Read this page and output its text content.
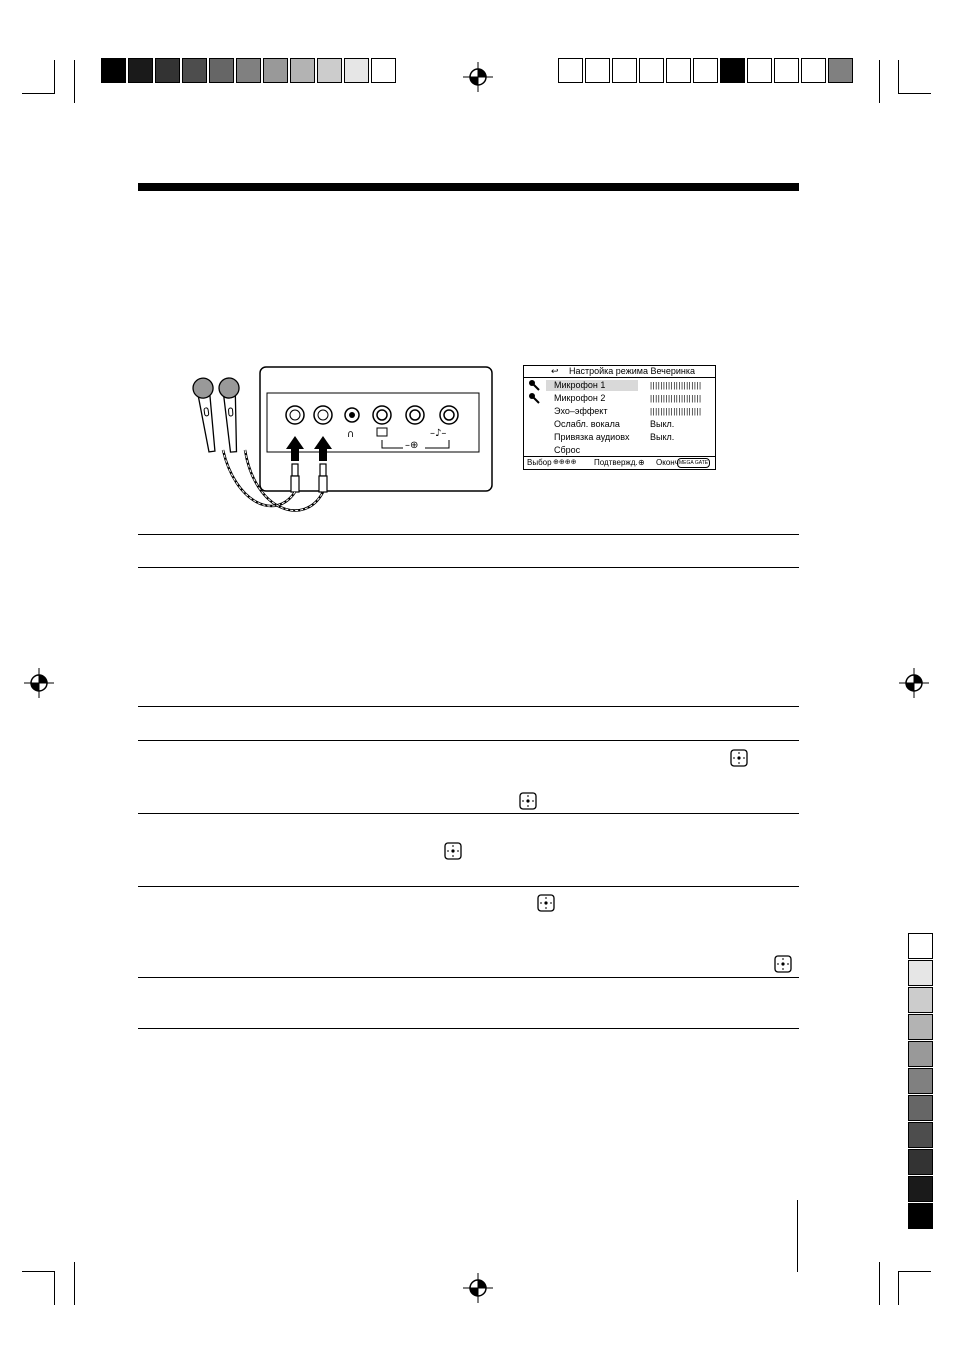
∩
–⊕
–♪–
↩ Настройка режима Вечеринка
Микрофон 1	||||||||||||||||||||
Микрофон 2	||||||||||||||||||||
Эхо–эффект	||||||||||||||||||||
Ослабл. вокала	Выкл.
Привязка аудиовх Выкл.
Сброс
Выбор ⊕⊕⊕⊕ Подтвержд. ⊕ Оконч MEGA GATE
